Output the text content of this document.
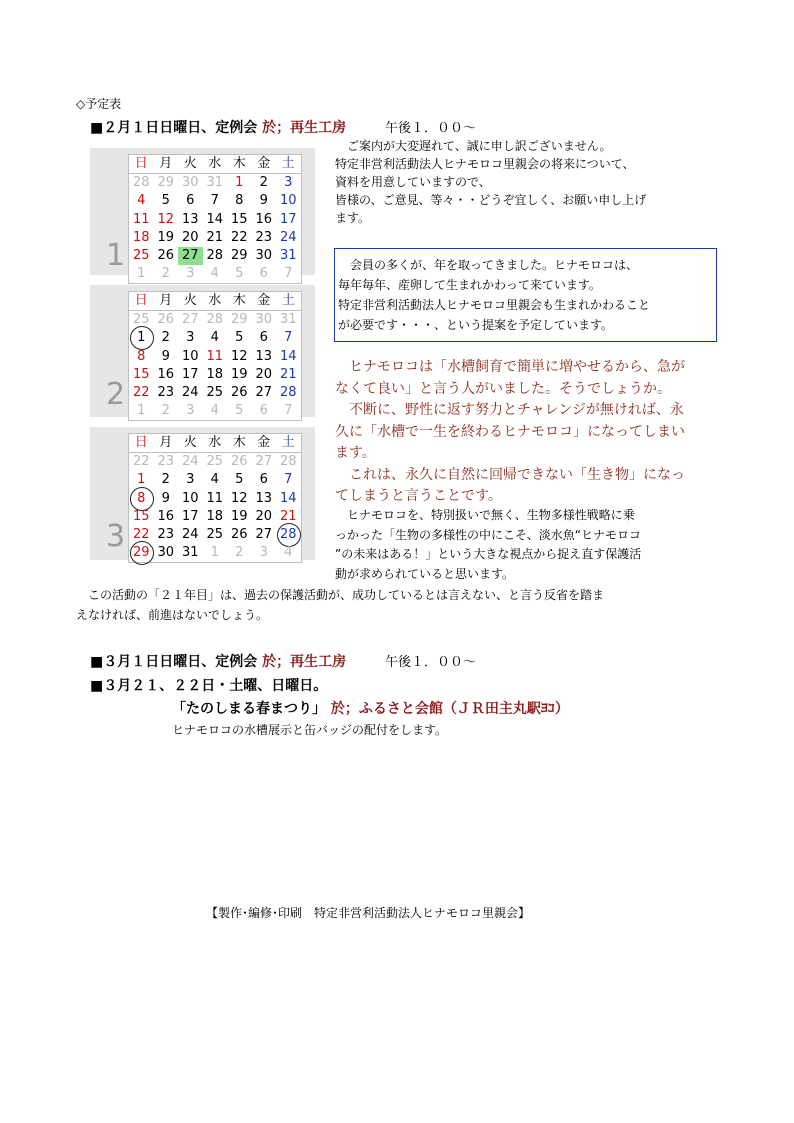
◇予定表
■２月１日日曜日、定例会 於；再生工房	午後１．００～
　ご案内が大変遅れて、誠に申し訳ございません。
特定非営利活動法人ヒナモロコ里親会の将来について、
資料を用意していますので、
皆様の、ご意見、等々・・どうぞ宜しく、お願い申し上げ
ます。
　会員の多くが、年を取ってきました。ヒナモロコは、
毎年毎年、産卵して生まれかわって来ています。
特定非営利活動法人ヒナモロコ里親会も生まれかわること
が必要です・・・、という提案を予定しています。
　ヒナモロコは「水槽飼育で簡単に増やせるから、急が
なくて良い」と言う人がいました。そうでしょうか。
　不断に、野性に返す努力とチャレンジが無ければ、永
久に「水槽で一生を終わるヒナモロコ」になってしまい
ます。
　これは、永久に自然に回帰できない「生き物」になっ
てしまうと言うことです。
　ヒナモロコを、特別扱いで無く、生物多様性戦略に乗
っかった「生物の多様性の中にこそ、淡水魚“ヒナモロコ
”の未来はある！」という大きな視点から捉え直す保護活
動が求められていると思います。
　この活動の「２１年目」は、過去の保護活動が、成功しているとは言えない、と言う反省を踏ま
えなければ、前進はないでしょう。
1
日	月	火	水	木	金	土
28	29	30	31	1	2	3
4	5	6	7	8	9	10
11	12	13	14	15	16	17
18	19	20	21	22	23	24
25	26	27	28	29	30	31
1	2	3	4	5	6	7
2
日	月	火	水	木	金	土
25	26	27	28	29	30	31
1	2	3	4	5	6	7
8	9	10	11	12	13	14
15	16	17	18	19	20	21
22	23	24	25	26	27	28
1	2	3	4	5	6	7
3
日	月	火	水	木	金	土
22	23	24	25	26	27	28
1	2	3	4	5	6	7
8	9	10	11	12	13	14
15	16	17	18	19	20	21
22	23	24	25	26	27	28
29	30	31	1	2	3	4
■３月１日日曜日、定例会 於；再生工房	午後１．００～
■３月２１、２２日・土曜、日曜日。
「たのしまる春まつり」 於；ふるさと会館（ＪＲ田主丸駅ﾖｺ）
ヒナモロコの水槽展示と缶バッジの配付をします。
【製作･編修･印刷　特定非営利活動法人ヒナモロコ里親会】
